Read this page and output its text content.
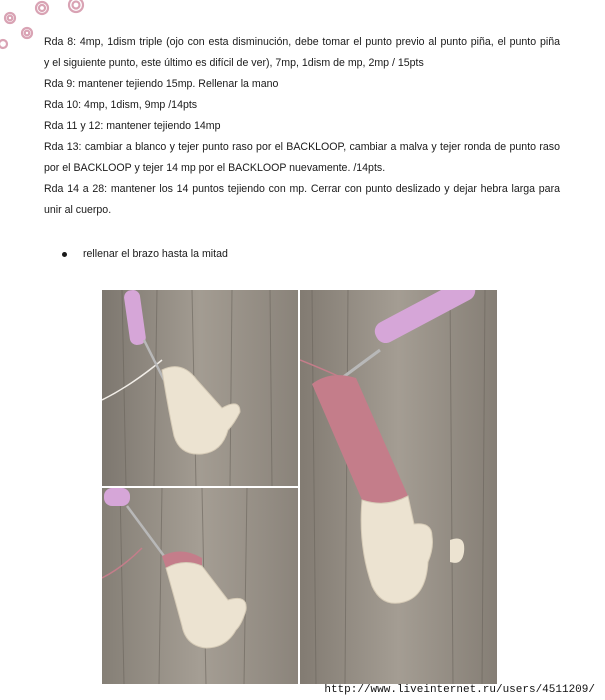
Rda 8: 4mp, 1dism triple (ojo con esta disminución, debe tomar el punto previo al punto piña, el punto piña
y el siguiente punto, este último es difícil de ver), 7mp, 1dism de mp, 2mp / 15pts
Rda 9: mantener tejiendo 15mp. Rellenar la mano
Rda 10: 4mp, 1dism, 9mp /14pts
Rda 11 y 12: mantener tejiendo 14mp
Rda 13: cambiar a blanco y tejer punto raso por el BACKLOOP, cambiar a malva y tejer ronda de punto raso
por el BACKLOOP y tejer 14 mp por el BACKLOOP nuevamente. /14pts.
Rda 14 a 28: mantener los 14 puntos tejiendo con mp. Cerrar con punto deslizado y dejar hebra larga para
unir al cuerpo.
rellenar el brazo hasta la mitad
http://www.liveinternet.ru/users/4511209/
